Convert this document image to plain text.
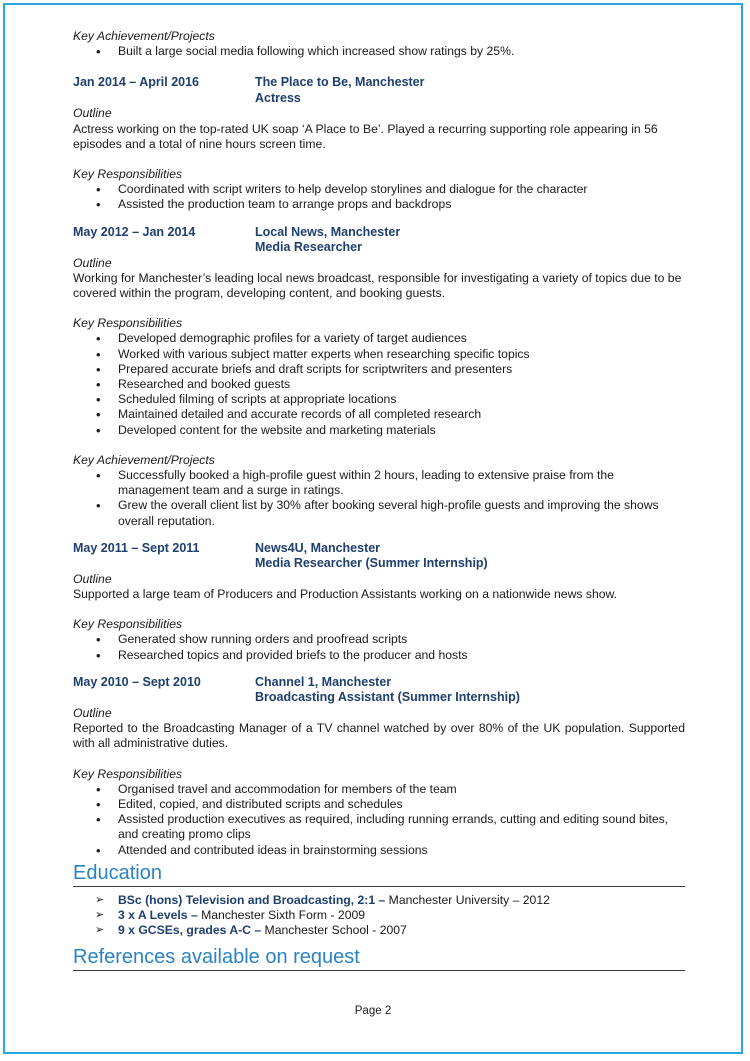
Key Achievement/Projects
• Built a large social media following which increased show ratings by 25%.
Jan 2014 – April 2016	The Place to Be, Manchester
Actress
Outline
Actress working on the top-rated UK soap ‘A Place to Be’. Played a recurring supporting role appearing in 56 episodes and a total of nine hours screen time.
Key Responsibilities
• Coordinated with script writers to help develop storylines and dialogue for the character
• Assisted the production team to arrange props and backdrops
May 2012 – Jan 2014	Local News, Manchester
Media Researcher
Outline
Working for Manchester’s leading local news broadcast, responsible for investigating a variety of topics due to be covered within the program, developing content, and booking guests.
Key Responsibilities
• Developed demographic profiles for a variety of target audiences
• Worked with various subject matter experts when researching specific topics
• Prepared accurate briefs and draft scripts for scriptwriters and presenters
• Researched and booked guests
• Scheduled filming of scripts at appropriate locations
• Maintained detailed and accurate records of all completed research
• Developed content for the website and marketing materials
Key Achievement/Projects
• Successfully booked a high-profile guest within 2 hours, leading to extensive praise from the management team and a surge in ratings.
• Grew the overall client list by 30% after booking several high-profile guests and improving the shows overall reputation.
May 2011 – Sept 2011	News4U, Manchester
Media Researcher (Summer Internship)
Outline
Supported a large team of Producers and Production Assistants working on a nationwide news show.
Key Responsibilities
• Generated show running orders and proofread scripts
• Researched topics and provided briefs to the producer and hosts
May 2010 – Sept 2010	Channel 1, Manchester
Broadcasting Assistant (Summer Internship)
Outline
Reported to the Broadcasting Manager of a TV channel watched by over 80% of the UK population. Supported with all administrative duties.
Key Responsibilities
• Organised travel and accommodation for members of the team
• Edited, copied, and distributed scripts and schedules
• Assisted production executives as required, including running errands, cutting and editing sound bites, and creating promo clips
• Attended and contributed ideas in brainstorming sessions
Education
➢ BSc (hons) Television and Broadcasting, 2:1 – Manchester University – 2012
➢ 3 x A Levels – Manchester Sixth Form - 2009
➢ 9 x GCSEs, grades A-C – Manchester School - 2007
References available on request
Page 2
